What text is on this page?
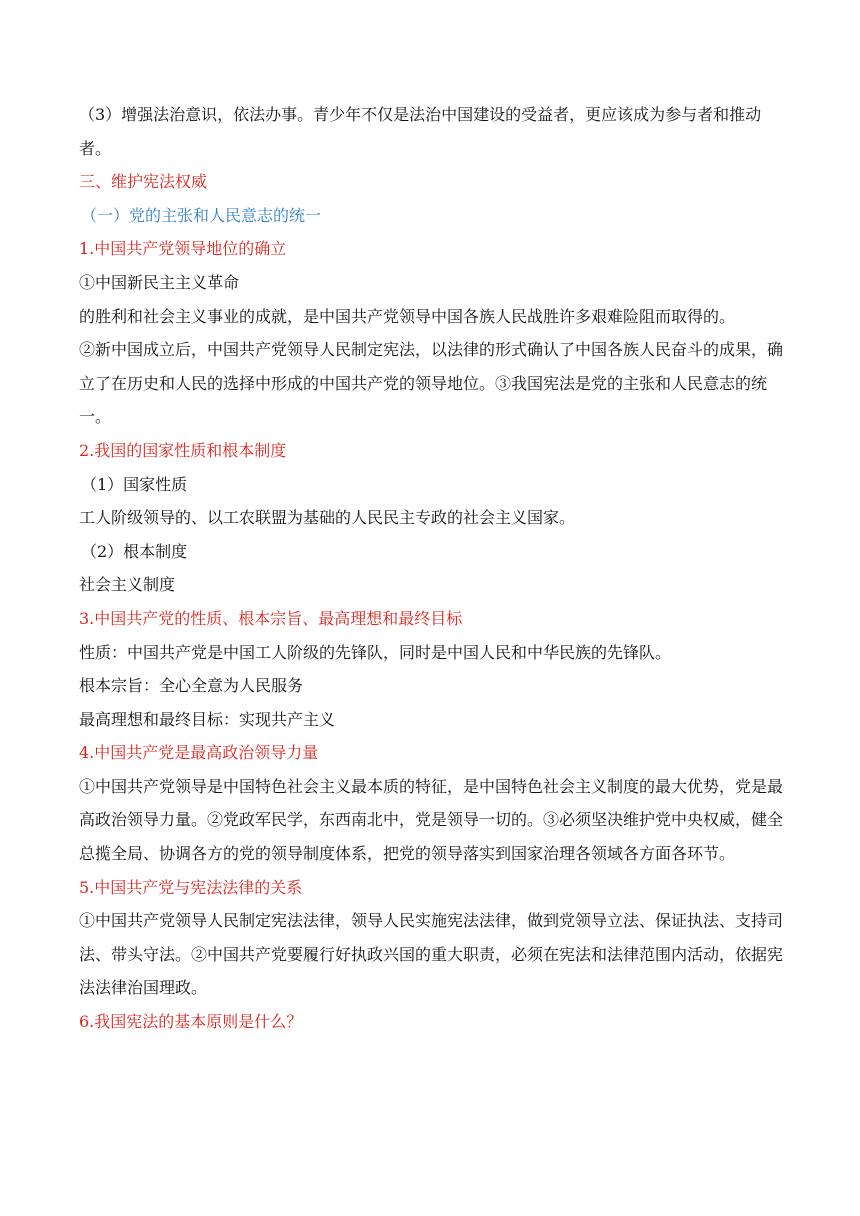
（3）增强法治意识，依法办事。青少年不仅是法治中国建设的受益者，更应该成为参与者和推动者。

三、维护宪法权威

（一）党的主张和人民意志的统一

1.中国共产党领导地位的确立

①中国新民主主义革命

的胜利和社会主义事业的成就，是中国共产党领导中国各族人民战胜许多艰难险阻而取得的。

②新中国成立后，中国共产党领导人民制定宪法，以法律的形式确认了中国各族人民奋斗的成果，确立了在历史和人民的选择中形成的中国共产党的领导地位。③我国宪法是党的主张和人民意志的统一。

2.我国的国家性质和根本制度

（1）国家性质

工人阶级领导的、以工农联盟为基础的人民民主专政的社会主义国家。

（2）根本制度

社会主义制度

3.中国共产党的性质、根本宗旨、最高理想和最终目标

性质：中国共产党是中国工人阶级的先锋队，同时是中国人民和中华民族的先锋队。

根本宗旨：全心全意为人民服务

最高理想和最终目标：实现共产主义

4.中国共产党是最高政治领导力量

①中国共产党领导是中国特色社会主义最本质的特征，是中国特色社会主义制度的最大优势，党是最高政治领导力量。②党政军民学，东西南北中，党是领导一切的。③必须坚决维护党中央权威，健全总揽全局、协调各方的党的领导制度体系，把党的领导落实到国家治理各领域各方面各环节。

5.中国共产党与宪法法律的关系

①中国共产党领导人民制定宪法法律，领导人民实施宪法法律，做到党领导立法、保证执法、支持司法、带头守法。②中国共产党要履行好执政兴国的重大职责，必须在宪法和法律范围内活动，依据宪法法律治国理政。

6.我国宪法的基本原则是什么？
